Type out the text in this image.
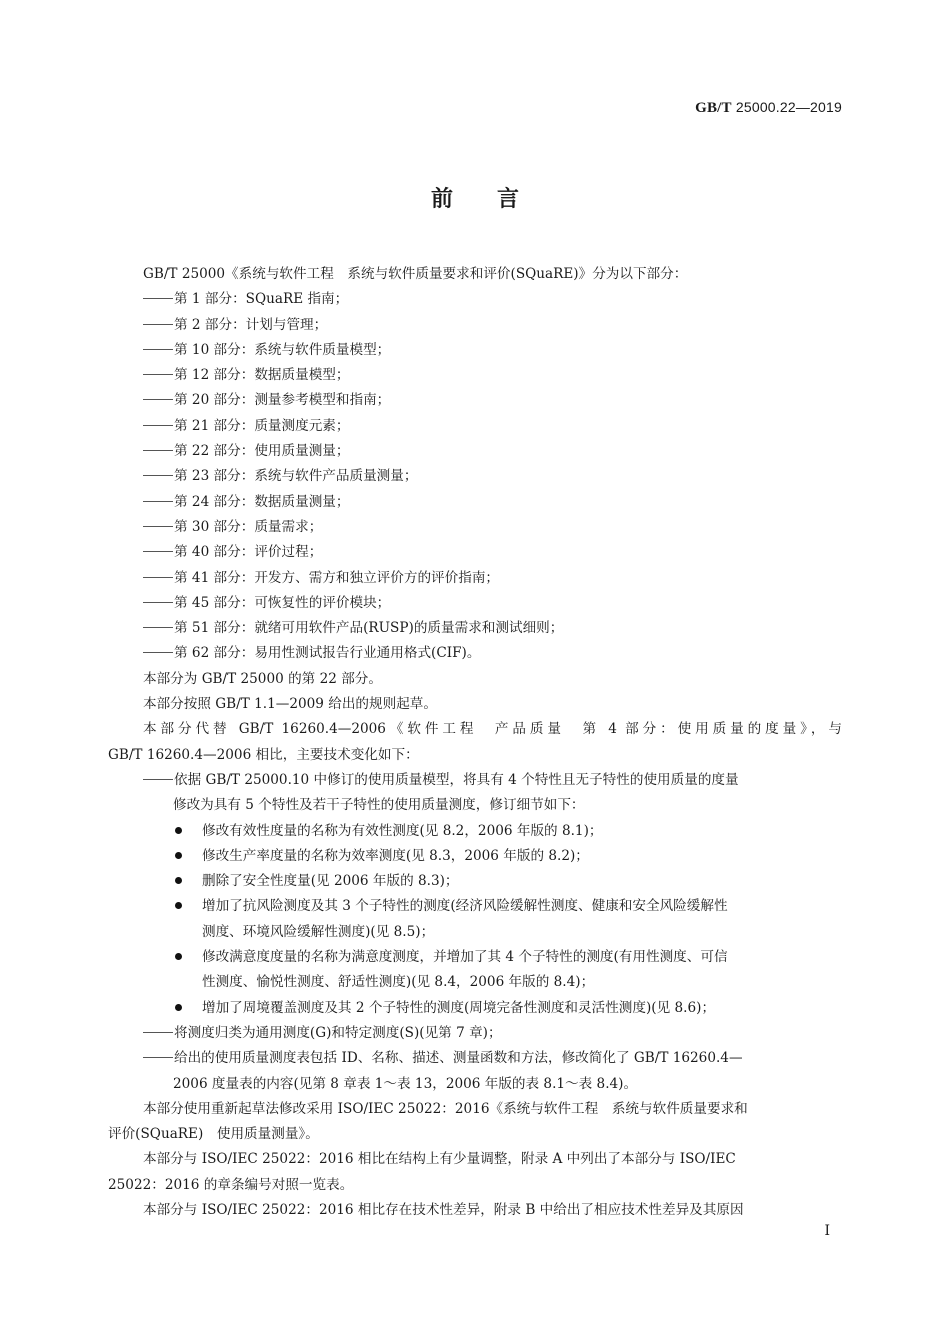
GB/T 25000.22—2019
前言
GB/T 25000《系统与软件工程　系统与软件质量要求和评价(SQuaRE)》分为以下部分：
第 1 部分：SQuaRE 指南；
第 2 部分：计划与管理；
第 10 部分：系统与软件质量模型；
第 12 部分：数据质量模型；
第 20 部分：测量参考模型和指南；
第 21 部分：质量测度元素；
第 22 部分：使用质量测量；
第 23 部分：系统与软件产品质量测量；
第 24 部分：数据质量测量；
第 30 部分：质量需求；
第 40 部分：评价过程；
第 41 部分：开发方、需方和独立评价方的评价指南；
第 45 部分：可恢复性的评价模块；
第 51 部分：就绪可用软件产品(RUSP)的质量需求和测试细则；
第 62 部分：易用性测试报告行业通用格式(CIF)。
本部分为 GB/T 25000 的第 22 部分。
本部分按照 GB/T 1.1—2009 给出的规则起草。
本部分代替 GB/T 16260.4—2006《软件工程　产品质量　第 4 部分：使用质量的度量》，与
GB/T 16260.4—2006 相比，主要技术变化如下：
依据 GB/T 25000.10 中修订的使用质量模型，将具有 4 个特性且无子特性的使用质量的度量
修改为具有 5 个特性及若干子特性的使用质量测度，修订细节如下：
修改有效性度量的名称为有效性测度(见 8.2，2006 年版的 8.1)；
修改生产率度量的名称为效率测度(见 8.3，2006 年版的 8.2)；
删除了安全性度量(见 2006 年版的 8.3)；
增加了抗风险测度及其 3 个子特性的测度(经济风险缓解性测度、健康和安全风险缓解性
测度、环境风险缓解性测度)(见 8.5)；
修改满意度度量的名称为满意度测度，并增加了其 4 个子特性的测度(有用性测度、可信
性测度、愉悦性测度、舒适性测度)(见 8.4，2006 年版的 8.4)；
增加了周境覆盖测度及其 2 个子特性的测度(周境完备性测度和灵活性测度)(见 8.6)；
将测度归类为通用测度(G)和特定测度(S)(见第 7 章)；
给出的使用质量测度表包括 ID、名称、描述、测量函数和方法，修改简化了 GB/T 16260.4—
2006 度量表的内容(见第 8 章表 1～表 13，2006 年版的表 8.1～表 8.4)。
本部分使用重新起草法修改采用 ISO/IEC 25022：2016《系统与软件工程　系统与软件质量要求和
评价(SQuaRE)　使用质量测量》。
本部分与 ISO/IEC 25022：2016 相比在结构上有少量调整，附录 A 中列出了本部分与 ISO/IEC
25022：2016 的章条编号对照一览表。
本部分与 ISO/IEC 25022：2016 相比存在技术性差异，附录 B 中给出了相应技术性差异及其原因
I
